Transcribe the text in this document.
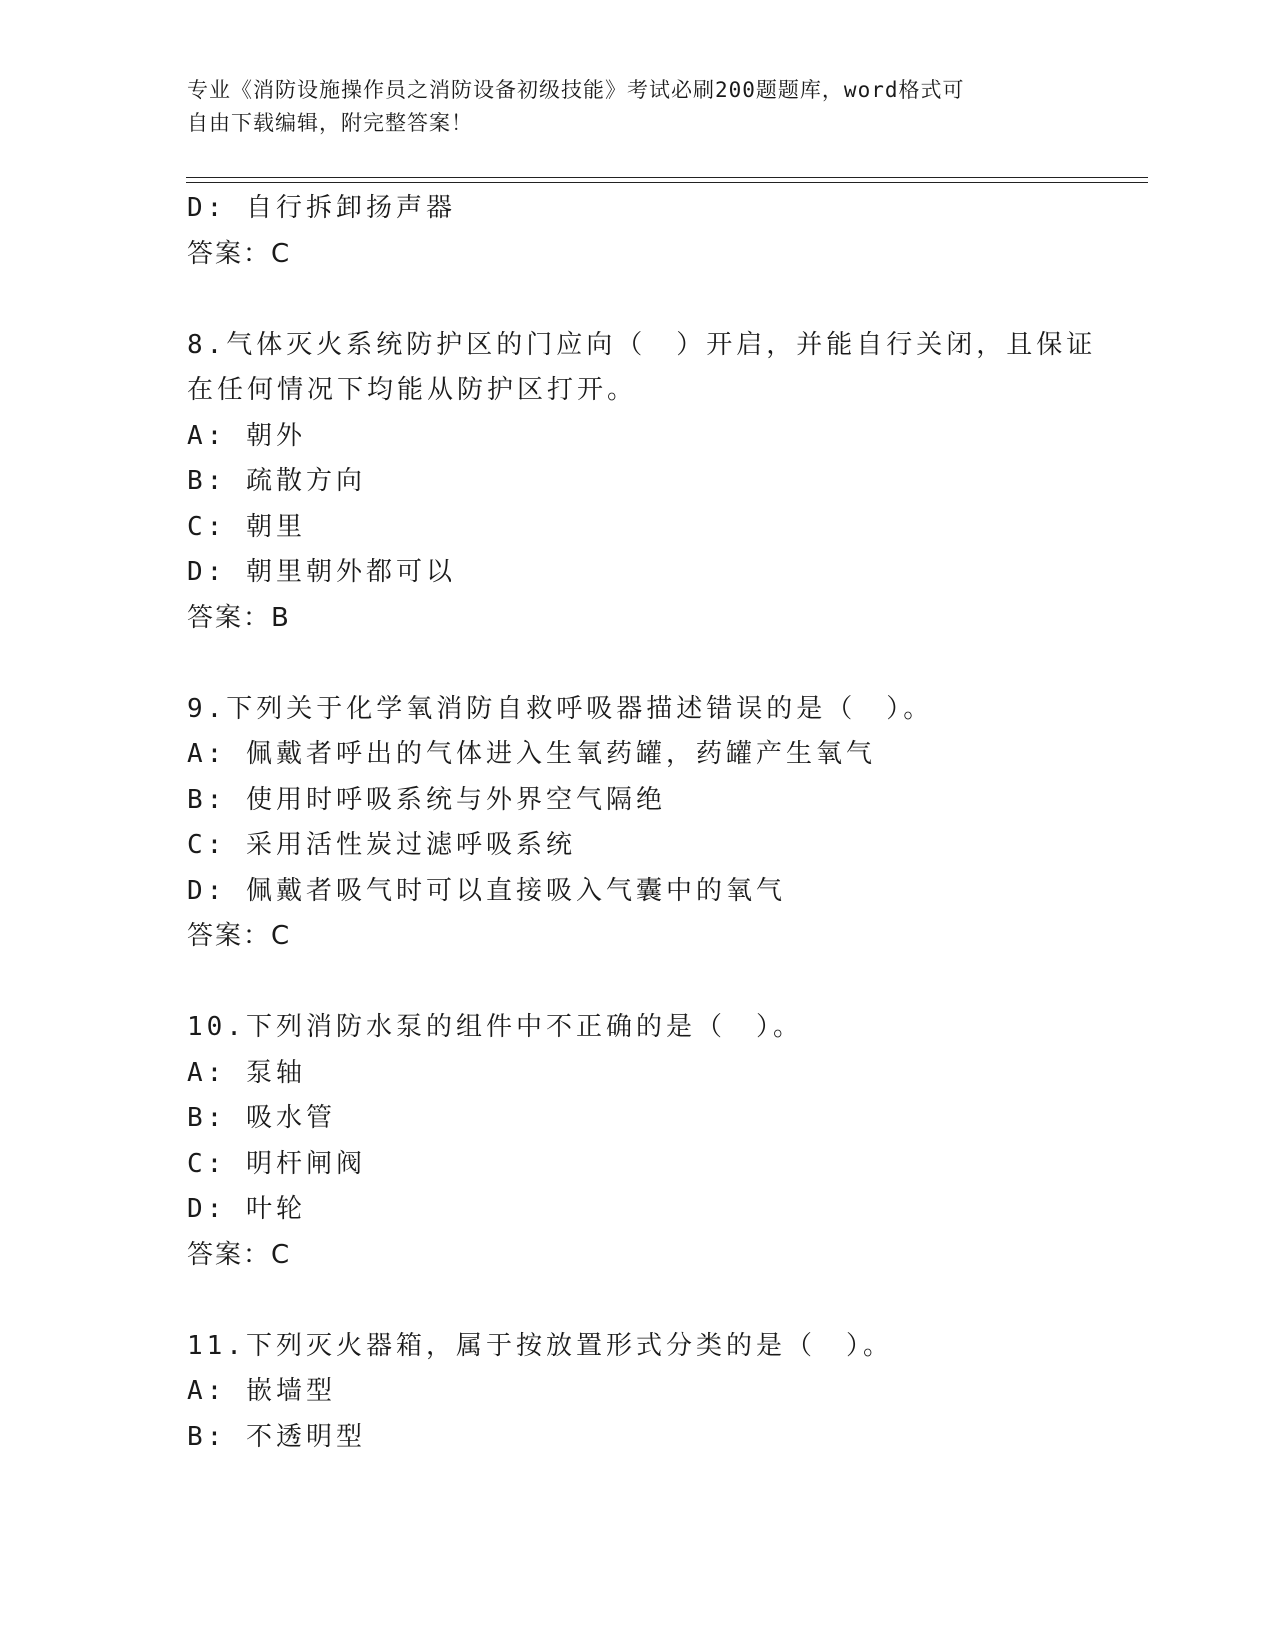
专业《消防设施操作员之消防设备初级技能》考试必刷200题题库，word格式可
自由下载编辑，附完整答案！
D: 自行拆卸扬声器
答案：C
8.气体灭火系统防护区的门应向（　）开启，并能自行关闭，且保证
在任何情况下均能从防护区打开。
A: 朝外
B: 疏散方向
C: 朝里
D: 朝里朝外都可以
答案：B
9.下列关于化学氧消防自救呼吸器描述错误的是（　）。
A: 佩戴者呼出的气体进入生氧药罐，药罐产生氧气
B: 使用时呼吸系统与外界空气隔绝
C: 采用活性炭过滤呼吸系统
D: 佩戴者吸气时可以直接吸入气囊中的氧气
答案：C
10.下列消防水泵的组件中不正确的是（　）。
A: 泵轴
B: 吸水管
C: 明杆闸阀
D: 叶轮
答案：C
11.下列灭火器箱，属于按放置形式分类的是（　）。
A: 嵌墙型
B: 不透明型
